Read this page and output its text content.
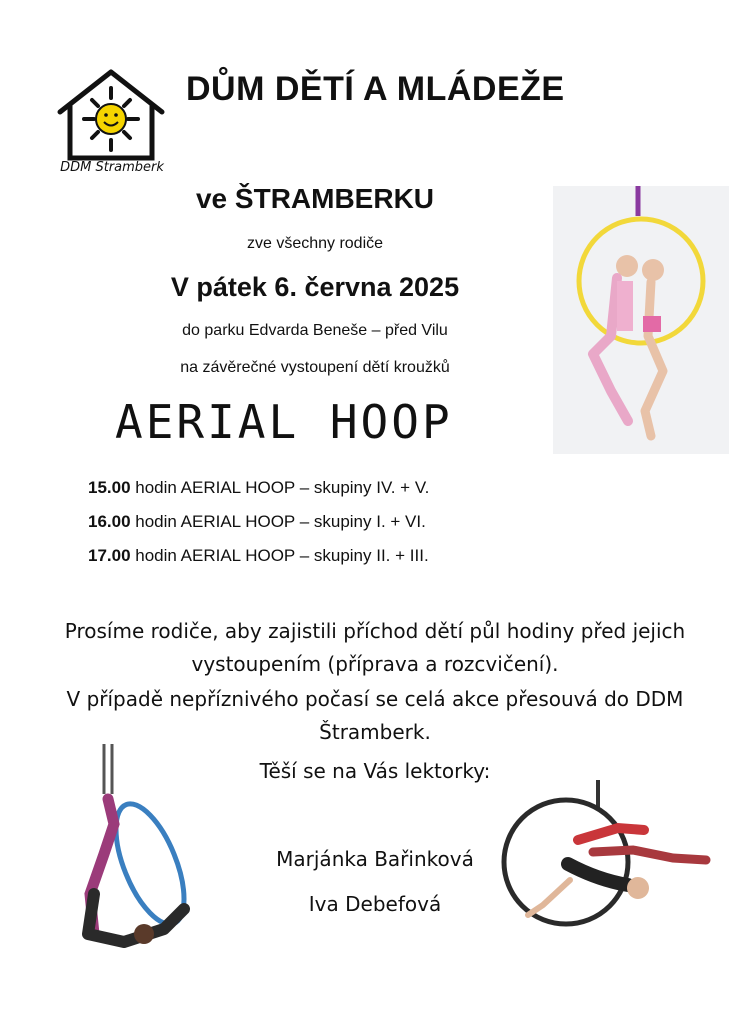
DDM Štramberk
DŮM DĚTÍ A MLÁDEŽE
ve ŠTRAMBERKU
zve všechny rodiče
V pátek 6. června 2025
do parku Edvarda Beneše – před Vilu
na závěrečné vystoupení dětí kroužků
AERIAL HOOP
15.00 hodin AERIAL HOOP – skupiny IV. + V.
16.00 hodin AERIAL HOOP – skupiny I. + VI.
17.00 hodin AERIAL HOOP – skupiny II. + III.
Prosíme rodiče, aby zajistili příchod dětí půl hodiny před jejich vystoupením (příprava a rozcvičení).
V případě nepříznivého počasí se celá akce přesouvá do DDM Štramberk.
Těší se na Vás lektorky:
Marjánka Bařinková
Iva Debefová
